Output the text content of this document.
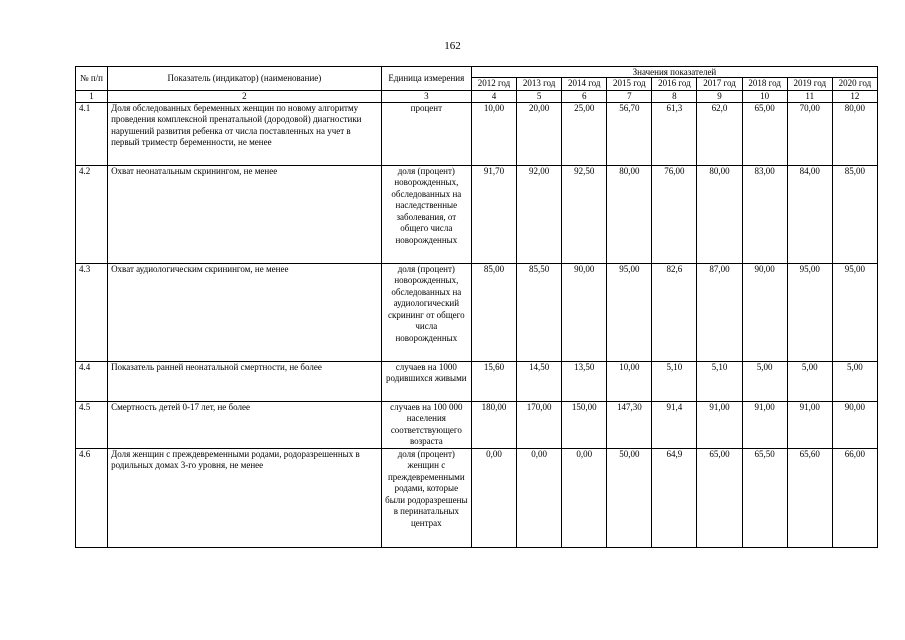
162
№ п/п	Показатель (индикатор) (наименование)	Единица измерения	Значения показателей								
			2012 год	2013 год	2014 год	2015 год	2016 год	2017 год	2018 год	2019 год	2020 год
1	2	3	4	5	6	7	8	9	10	11	12
4.1	Доля обследованных беременных женщин по новому алгоритму проведения комплексной пренатальной (дородовой) диагностики нарушений развития ребенка от числа поставленных на учет в первый триместр беременности, не менее	процент	10,00	20,00	25,00	56,70	61,3	62,0	65,00	70,00	80,00
4.2	Охват неонатальным скринингом, не менее	доля (процент) новорожденных, обследованных на наследственные заболевания, от общего числа новорожденных	91,70	92,00	92,50	80,00	76,00	80,00	83,00	84,00	85,00
4.3	Охват аудиологическим скринингом, не менее	доля (процент) новорожденных, обследованных на аудиологический скрининг от общего числа новорожденных	85,00	85,50	90,00	95,00	82,6	87,00	90,00	95,00	95,00
4.4	Показатель ранней неонатальной смертности, не более	случаев на 1000 родившихся живыми	15,60	14,50	13,50	10,00	5,10	5,10	5,00	5,00	5,00
4.5	Смертность детей 0-17 лет, не более	случаев на 100 000 населения соответствующего возраста	180,00	170,00	150,00	147,30	91,4	91,00	91,00	91,00	90,00
4.6	Доля женщин с преждевременными родами, родоразрешенных в родильных домах 3-го уровня, не менее	доля (процент) женщин с преждевременными родами, которые были родоразрешены в перинатальных центрах	0,00	0,00	0,00	50,00	64,9	65,00	65,50	65,60	66,00
